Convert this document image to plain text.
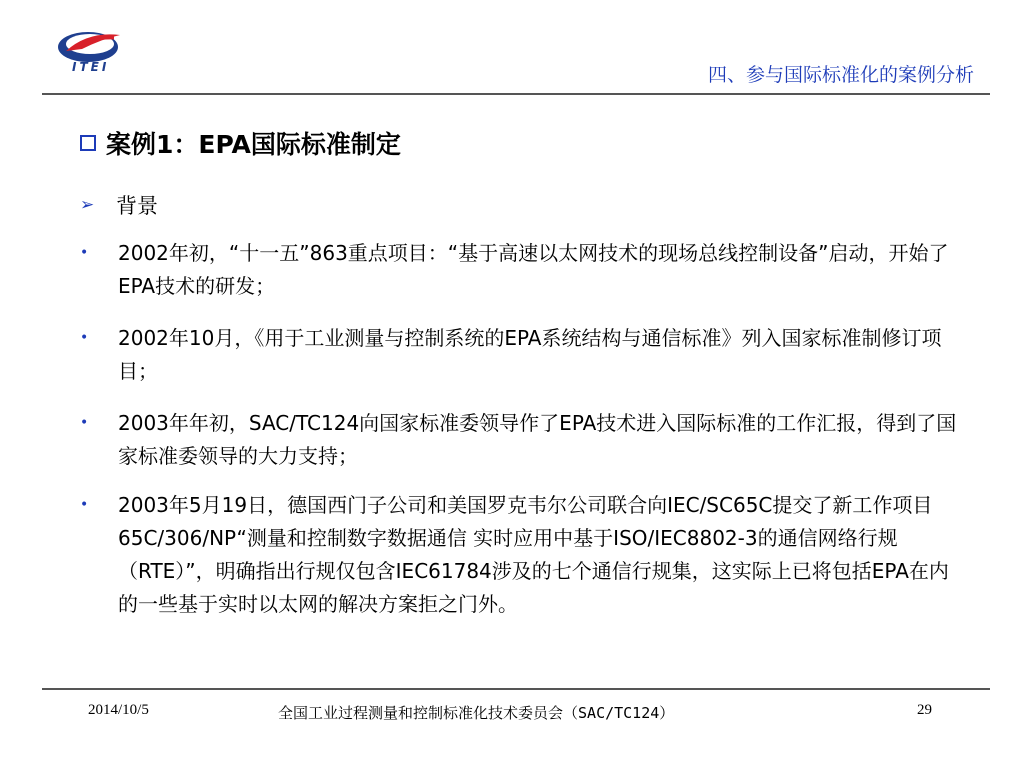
ITEI	四、参与国际标准化的案例分析
案例1：EPA国际标准制定
➢ 背景
•	2002年初，“十一五”863重点项目：“基于高速以太网技术的现场总线控制设备”启动，开始了EPA技术的研发；
•	2002年10月，《用于工业测量与控制系统的EPA系统结构与通信标准》列入国家标准制修订项目；
•	2003年年初，SAC/TC124向国家标准委领导作了EPA技术进入国际标准的工作汇报，得到了国家标准委领导的大力支持；
•	2003年5月19日，德国西门子公司和美国罗克韦尔公司联合向IEC/SC65C提交了新工作项目65C/306/NP“测量和控制数字数据通信 实时应用中基于ISO/IEC8802-3的通信网络行规（RTE）”，明确指出行规仅包含IEC61784涉及的七个通信行规集，这实际上已将包括EPA在内的一些基于实时以太网的解决方案拒之门外。
2014/10/5	全国工业过程测量和控制标准化技术委员会（SAC/TC124）	29
